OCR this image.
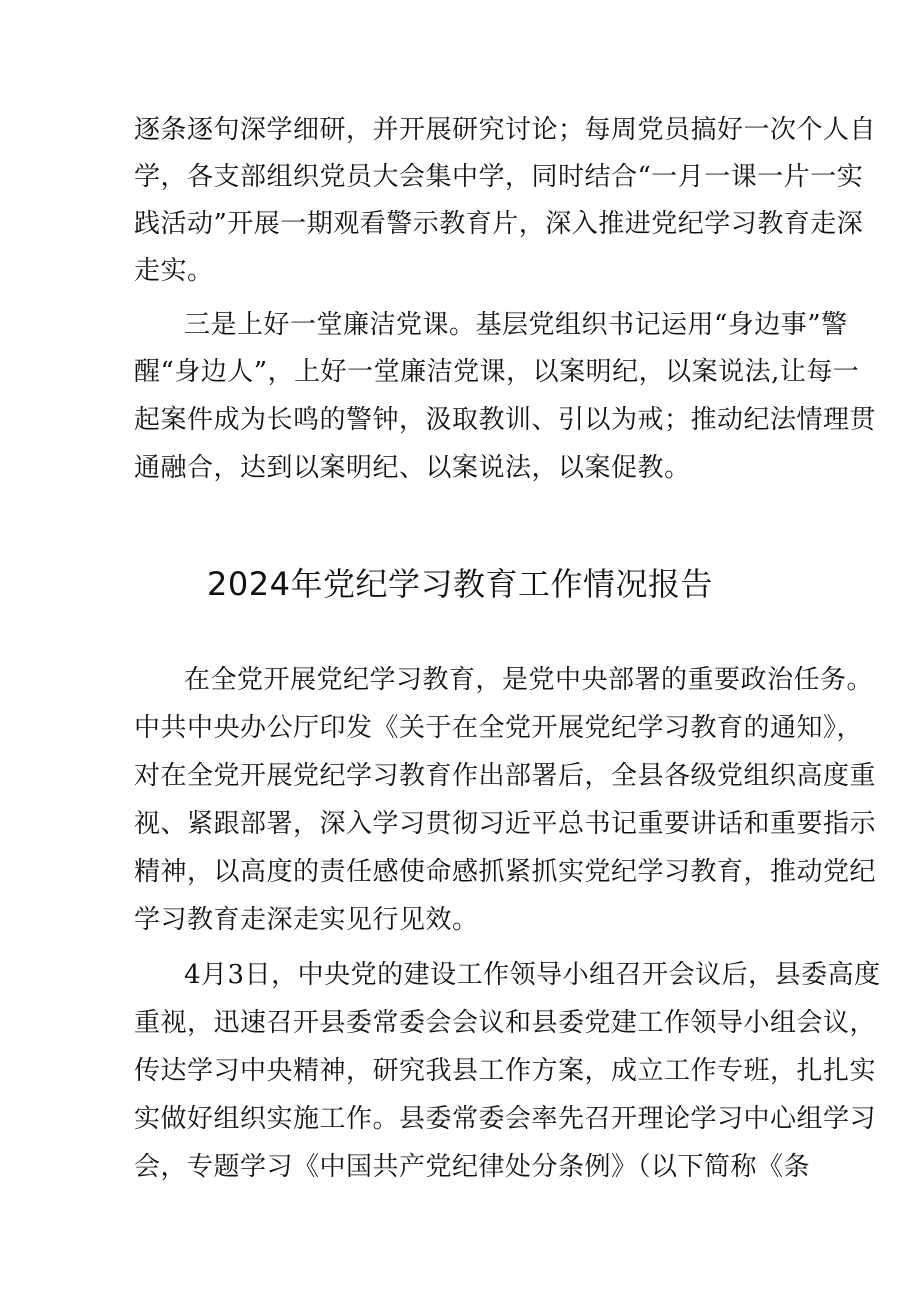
逐条逐句深学细研，并开展研究讨论；每周党员搞好一次个人自
学，各支部组织党员大会集中学，同时结合“一月一课一片一实
践活动”开展一期观看警示教育片，深入推进党纪学习教育走深
走实。
三是上好一堂廉洁党课。基层党组织书记运用“身边事”警
醒“身边人”，上好一堂廉洁党课，以案明纪，以案说法,让每一
起案件成为长鸣的警钟，汲取教训、引以为戒；推动纪法情理贯
通融合，达到以案明纪、以案说法，以案促教。
2024年党纪学习教育工作情况报告
在全党开展党纪学习教育，是党中央部署的重要政治任务。
中共中央办公厅印发《关于在全党开展党纪学习教育的通知》，
对在全党开展党纪学习教育作出部署后，全县各级党组织高度重
视、紧跟部署，深入学习贯彻习近平总书记重要讲话和重要指示
精神，以高度的责任感使命感抓紧抓实党纪学习教育，推动党纪
学习教育走深走实见行见效。
4月3日，中央党的建设工作领导小组召开会议后，县委高度
重视，迅速召开县委常委会会议和县委党建工作领导小组会议，
传达学习中央精神，研究我县工作方案，成立工作专班，扎扎实
实做好组织实施工作。县委常委会率先召开理论学习中心组学习
会，专题学习《中国共产党纪律处分条例》（以下简称《条
